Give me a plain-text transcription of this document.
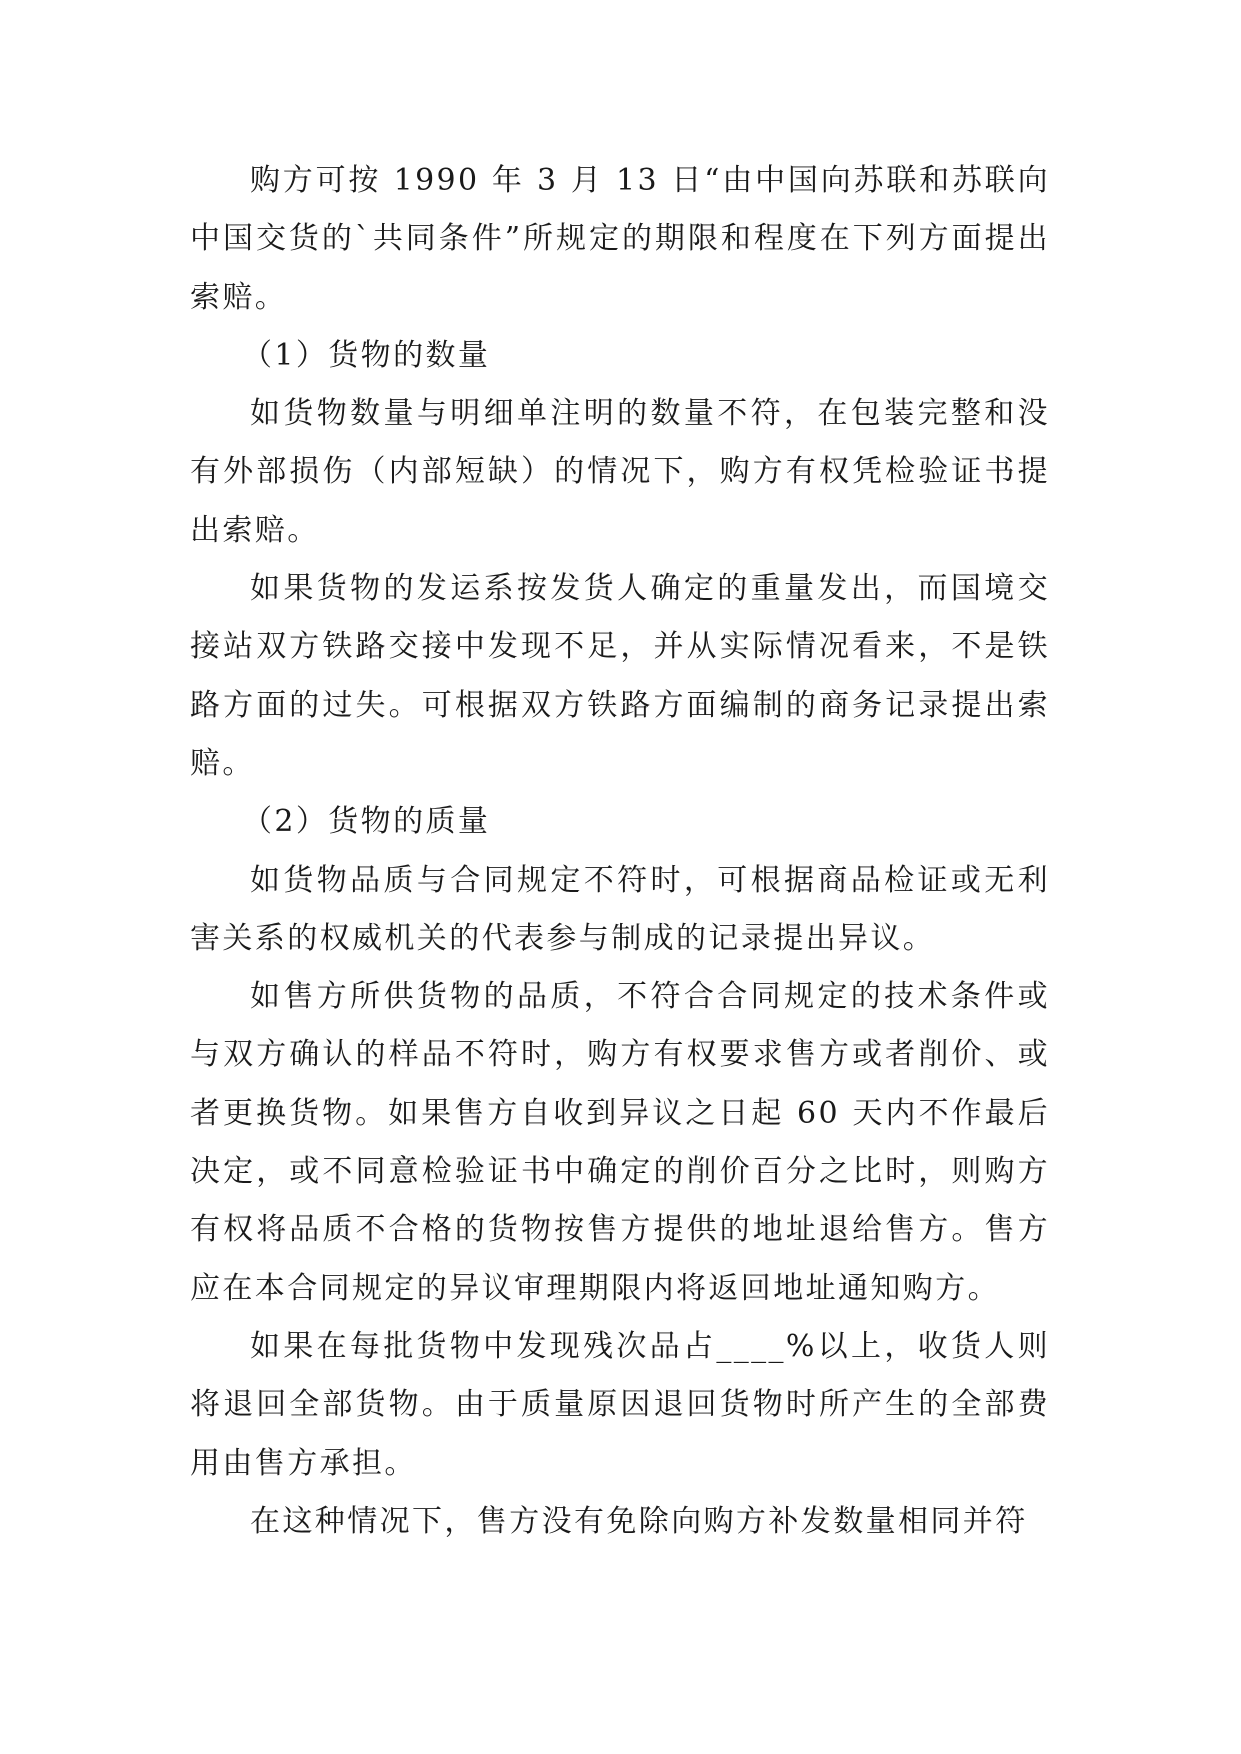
购方可按 1990 年 3 月 13 日“由中国向苏联和苏联向中国交货的`共同条件”所规定的期限和程度在下列方面提出索赔。

（1）货物的数量

如货物数量与明细单注明的数量不符，在包装完整和没有外部损伤（内部短缺）的情况下，购方有权凭检验证书提出索赔。

如果货物的发运系按发货人确定的重量发出，而国境交接站双方铁路交接中发现不足，并从实际情况看来，不是铁路方面的过失。可根据双方铁路方面编制的商务记录提出索赔。

（2）货物的质量

如货物品质与合同规定不符时，可根据商品检证或无利害关系的权威机关的代表参与制成的记录提出异议。

如售方所供货物的品质，不符合合同规定的技术条件或与双方确认的样品不符时，购方有权要求售方或者削价、或者更换货物。如果售方自收到异议之日起 60 天内不作最后决定，或不同意检验证书中确定的削价百分之比时，则购方有权将品质不合格的货物按售方提供的地址退给售方。售方应在本合同规定的异议审理期限内将返回地址通知购方。

如果在每批货物中发现残次品占____%以上，收货人则将退回全部货物。由于质量原因退回货物时所产生的全部费用由售方承担。

在这种情况下，售方没有免除向购方补发数量相同并符
